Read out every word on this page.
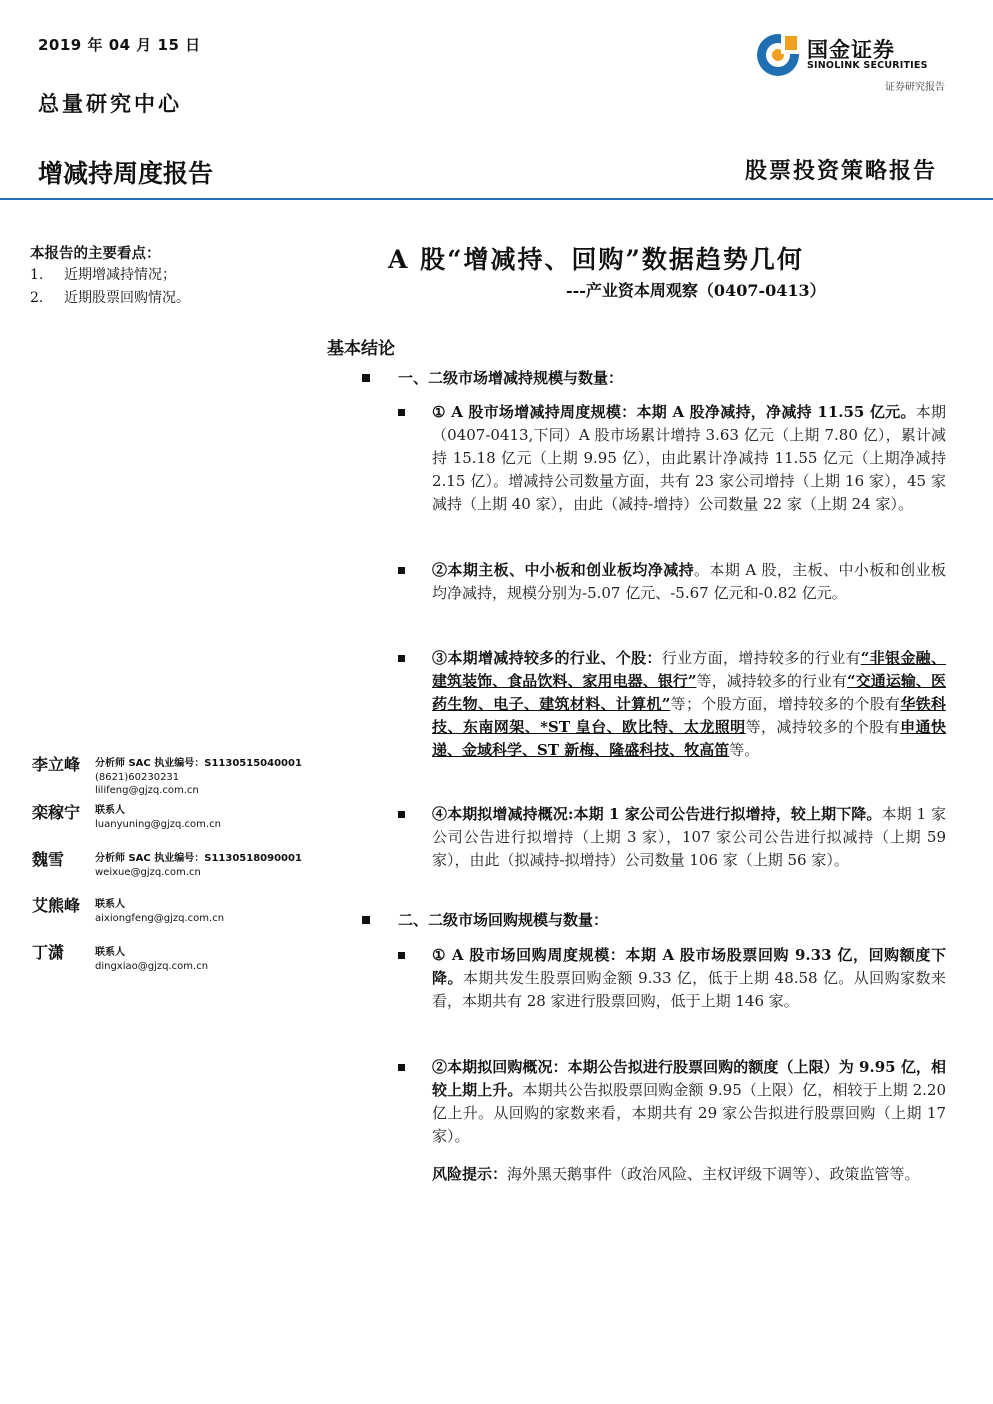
2019 年 04 月 15 日
总量研究中心
增减持周度报告	股票投资策略报告
国金证券
SINOLINK SECURITIES
证券研究报告
本报告的主要看点：
1. 近期增减持情况；
2. 近期股票回购情况。
李立峰 分析师 SAC 执业编号：S1130515040001
(8621)60230231
lilifeng@gjzq.com.cn
栾稼宁 联系人
luanyuning@gjzq.com.cn
魏雪	分析师 SAC 执业编号：S1130518090001
weixue@gjzq.com.cn
艾熊峰 联系人
aixiongfeng@gjzq.com.cn
丁潇	联系人
dingxiao@gjzq.com.cn
A 股“增减持、回购”数据趋势几何
---产业资本周观察（0407-0413）
基本结论
一、二级市场增减持规模与数量：
① A 股市场增减持周度规模：本期 A 股净减持，净减持 11.55 亿元。本期（0407-0413,下同）A 股市场累计增持 3.63 亿元（上期 7.80 亿），累计减持 15.18 亿元（上期 9.95 亿），由此累计净减持 11.55 亿元（上期净减持 2.15 亿）。增减持公司数量方面，共有 23 家公司增持（上期 16 家），45 家减持（上期 40 家），由此（减持-增持）公司数量 22 家（上期 24 家）。
②本期主板、中小板和创业板均净减持。本期 A 股，主板、中小板和创业板均净减持，规模分别为-5.07 亿元、-5.67 亿元和-0.82 亿元。
③本期增减持较多的行业、个股：行业方面，增持较多的行业有“非银金融、建筑装饰、食品饮料、家用电器、银行”等，减持较多的行业有“交通运输、医药生物、电子、建筑材料、计算机”等；个股方面，增持较多的个股有华铁科技、东南网架、*ST 皇台、欧比特、太龙照明等，减持较多的个股有申通快递、金域科学、ST 新梅、隆盛科技、牧高笛等。
④本期拟增减持概况:本期 1 家公司公告进行拟增持，较上期下降。本期 1 家公司公告进行拟增持（上期 3 家），107 家公司公告进行拟减持（上期 59 家），由此（拟减持-拟增持）公司数量 106 家（上期 56 家）。
二、二级市场回购规模与数量：
① A 股市场回购周度规模：本期 A 股市场股票回购 9.33 亿，回购额度下降。本期共发生股票回购金额 9.33 亿，低于上期 48.58 亿。从回购家数来看，本期共有 28 家进行股票回购，低于上期 146 家。
②本期拟回购概况：本期公告拟进行股票回购的额度（上限）为 9.95 亿，相较上期上升。本期共公告拟股票回购金额 9.95（上限）亿，相较于上期 2.20 亿上升。从回购的家数来看，本期共有 29 家公告拟进行股票回购（上期 17 家）。
风险提示：海外黑天鹅事件（政治风险、主权评级下调等）、政策监管等。
